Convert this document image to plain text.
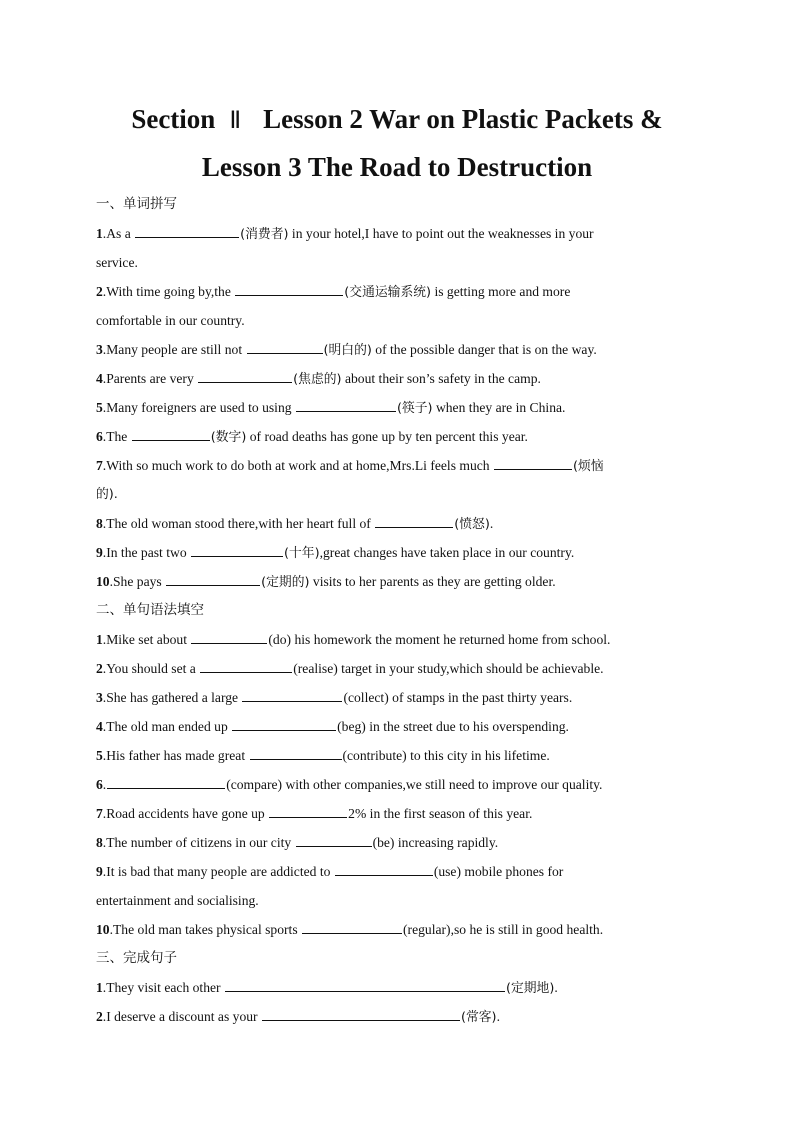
Section Ⅱ Lesson 2 War on Plastic Packets &
Lesson 3 The Road to Destruction
一、单词拼写
1.As a	(消费者) in your hotel,I have to point out the weaknesses in your
service.
2.With time going by,the	(交通运输系统) is getting more and more
comfortable in our country.
3.Many people are still not	(明白的) of the possible danger that is on the way.
4.Parents are very	(焦虑的) about their son’s safety in the camp.
5.Many foreigners are used to using	(筷子) when they are in China.
6.The	(数字) of road deaths has gone up by ten percent this year.
7.With so much work to do both at work and at home,Mrs.Li feels much	(烦恼
的).
8.The old woman stood there,with her heart full of	(愤怒).
9.In the past two	(十年),great changes have taken place in our country.
10.She pays	(定期的) visits to her parents as they are getting older.
二、单句语法填空
1.Mike set about	(do) his homework the moment he returned home from school.
2.You should set a	(realise) target in your study,which should be achievable.
3.She has gathered a large	(collect) of stamps in the past thirty years.
4.The old man ended up	(beg) in the street due to his overspending.
5.His father has made great	(contribute) to this city in his lifetime.
6.	(compare) with other companies,we still need to improve our quality.
7.Road accidents have gone up	2% in the first season of this year.
8.The number of citizens in our city	(be) increasing rapidly.
9.It is bad that many people are addicted to	(use) mobile phones for
entertainment and socialising.
10.The old man takes physical sports	(regular),so he is still in good health.
三、完成句子
1.They visit each other	(定期地).
2.I deserve a discount as your	(常客).
